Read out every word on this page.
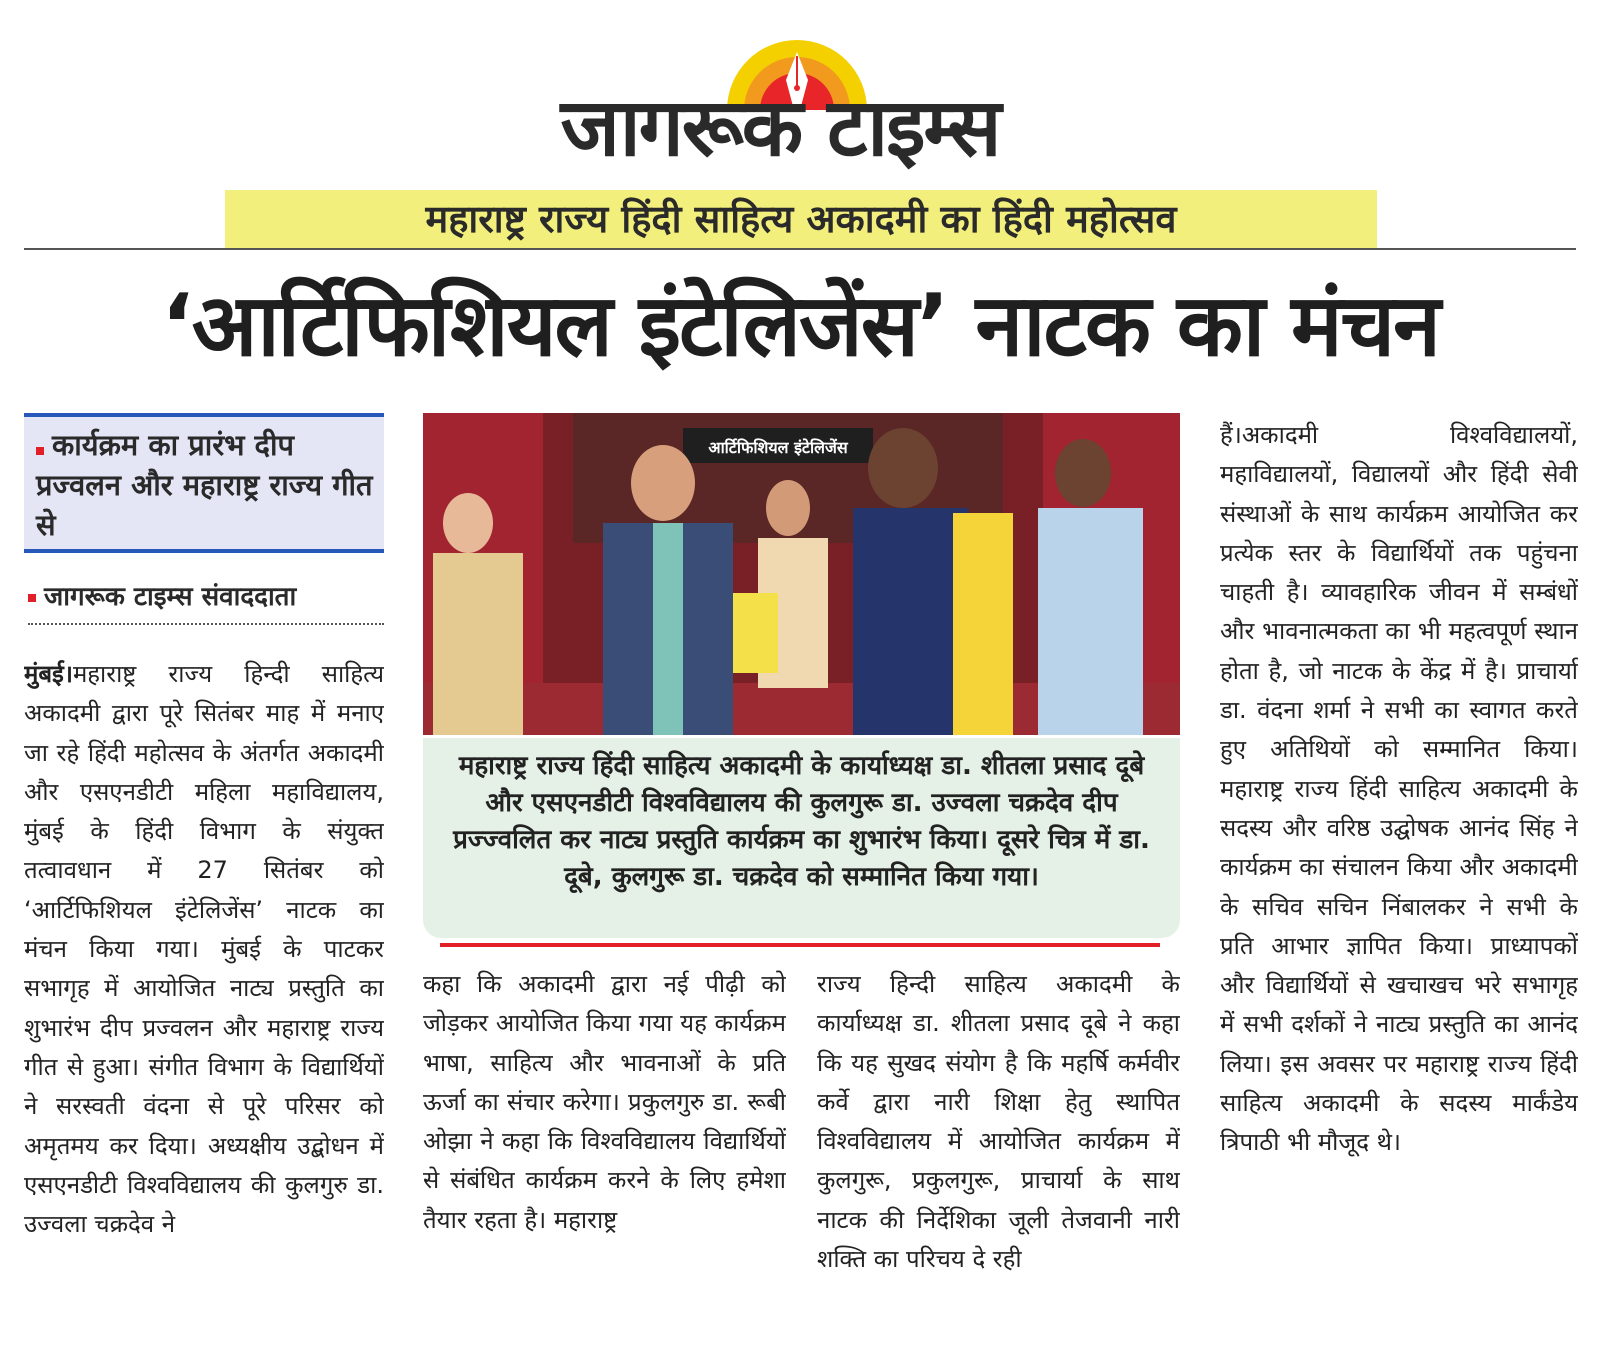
जागरूक टाइम्स
महाराष्ट्र राज्य हिंदी साहित्य अकादमी का हिंदी महोत्सव
‘आर्टिफिशियल इंटेलिजेंस’ नाटक का मंचन
कार्यक्रम का प्रारंभ दीप प्रज्वलन और महाराष्ट्र राज्य गीत से
जागरूक टाइम्स संवाददाता
मुंबई।महाराष्ट्र राज्य हिन्दी साहित्य अकादमी द्वारा पूरे सितंबर माह में मनाए जा रहे हिंदी महोत्सव के अंतर्गत अकादमी और एसएनडीटी महिला महाविद्यालय, मुंबई के हिंदी विभाग के संयुक्त तत्वावधान में 27 सितंबर को ‘आर्टिफिशियल इंटेलिजेंस’ नाटक का मंचन किया गया। मुंबई के पाटकर सभागृह में आयोजित नाट्य प्रस्तुति का शुभारंभ दीप प्रज्वलन और महाराष्ट्र राज्य गीत से हुआ। संगीत विभाग के विद्यार्थियों ने सरस्वती वंदना से पूरे परिसर को अमृतमय कर दिया। अध्यक्षीय उद्बोधन में एसएनडीटी विश्वविद्यालय की कुलगुरु डा. उज्वला चक्रदेव ने
आर्टिफिशियल इंटेलिजेंस
महाराष्ट्र राज्य हिंदी साहित्य अकादमी के कार्याध्यक्ष डा. शीतला प्रसाद दूबे और एसएनडीटी विश्वविद्यालय की कुलगुरू डा. उज्वला चक्रदेव दीप प्रज्ज्वलित कर नाट्य प्रस्तुति कार्यक्रम का शुभारंभ किया। दूसरे चित्र में डा. दूबे, कुलगुरू डा. चक्रदेव को सम्मानित किया गया।
कहा कि अकादमी द्वारा नई पीढ़ी को जोड़कर आयोजित किया गया यह कार्यक्रम भाषा, साहित्य और भावनाओं के प्रति ऊर्जा का संचार करेगा। प्रकुलगुरु डा. रूबी ओझा ने कहा कि विश्वविद्यालय विद्यार्थियों से संबंधित कार्यक्रम करने के लिए हमेशा तैयार रहता है। महाराष्ट्र
राज्य हिन्दी साहित्य अकादमी के कार्याध्यक्ष डा. शीतला प्रसाद दूबे ने कहा कि यह सुखद संयोग है कि महर्षि कर्मवीर कर्वे द्वारा नारी शिक्षा हेतु स्थापित विश्वविद्यालय में आयोजित कार्यक्रम में कुलगुरू, प्रकुलगुरू, प्राचार्या के साथ नाटक की निर्देशिका जूली तेजवानी नारी शक्ति का परिचय दे रही
हैं।अकादमी विश्वविद्यालयों, महाविद्यालयों, विद्यालयों और हिंदी सेवी संस्थाओं के साथ कार्यक्रम आयोजित कर प्रत्येक स्तर के विद्यार्थियों तक पहुंचना चाहती है। व्यावहारिक जीवन में सम्बंधों और भावनात्मकता का भी महत्वपूर्ण स्थान होता है, जो नाटक के केंद्र में है। प्राचार्या डा. वंदना शर्मा ने सभी का स्वागत करते हुए अतिथियों को सम्मानित किया। महाराष्ट्र राज्य हिंदी साहित्य अकादमी के सदस्य और वरिष्ठ उद्घोषक आनंद सिंह ने कार्यक्रम का संचालन किया और अकादमी के सचिव सचिन निंबालकर ने सभी के प्रति आभार ज्ञापित किया। प्राध्यापकों और विद्यार्थियों से खचाखच भरे सभागृह में सभी दर्शकों ने नाट्य प्रस्तुति का आनंद लिया। इस अवसर पर महाराष्ट्र राज्य हिंदी साहित्य अकादमी के सदस्य मार्कंडेय त्रिपाठी भी मौजूद थे।
